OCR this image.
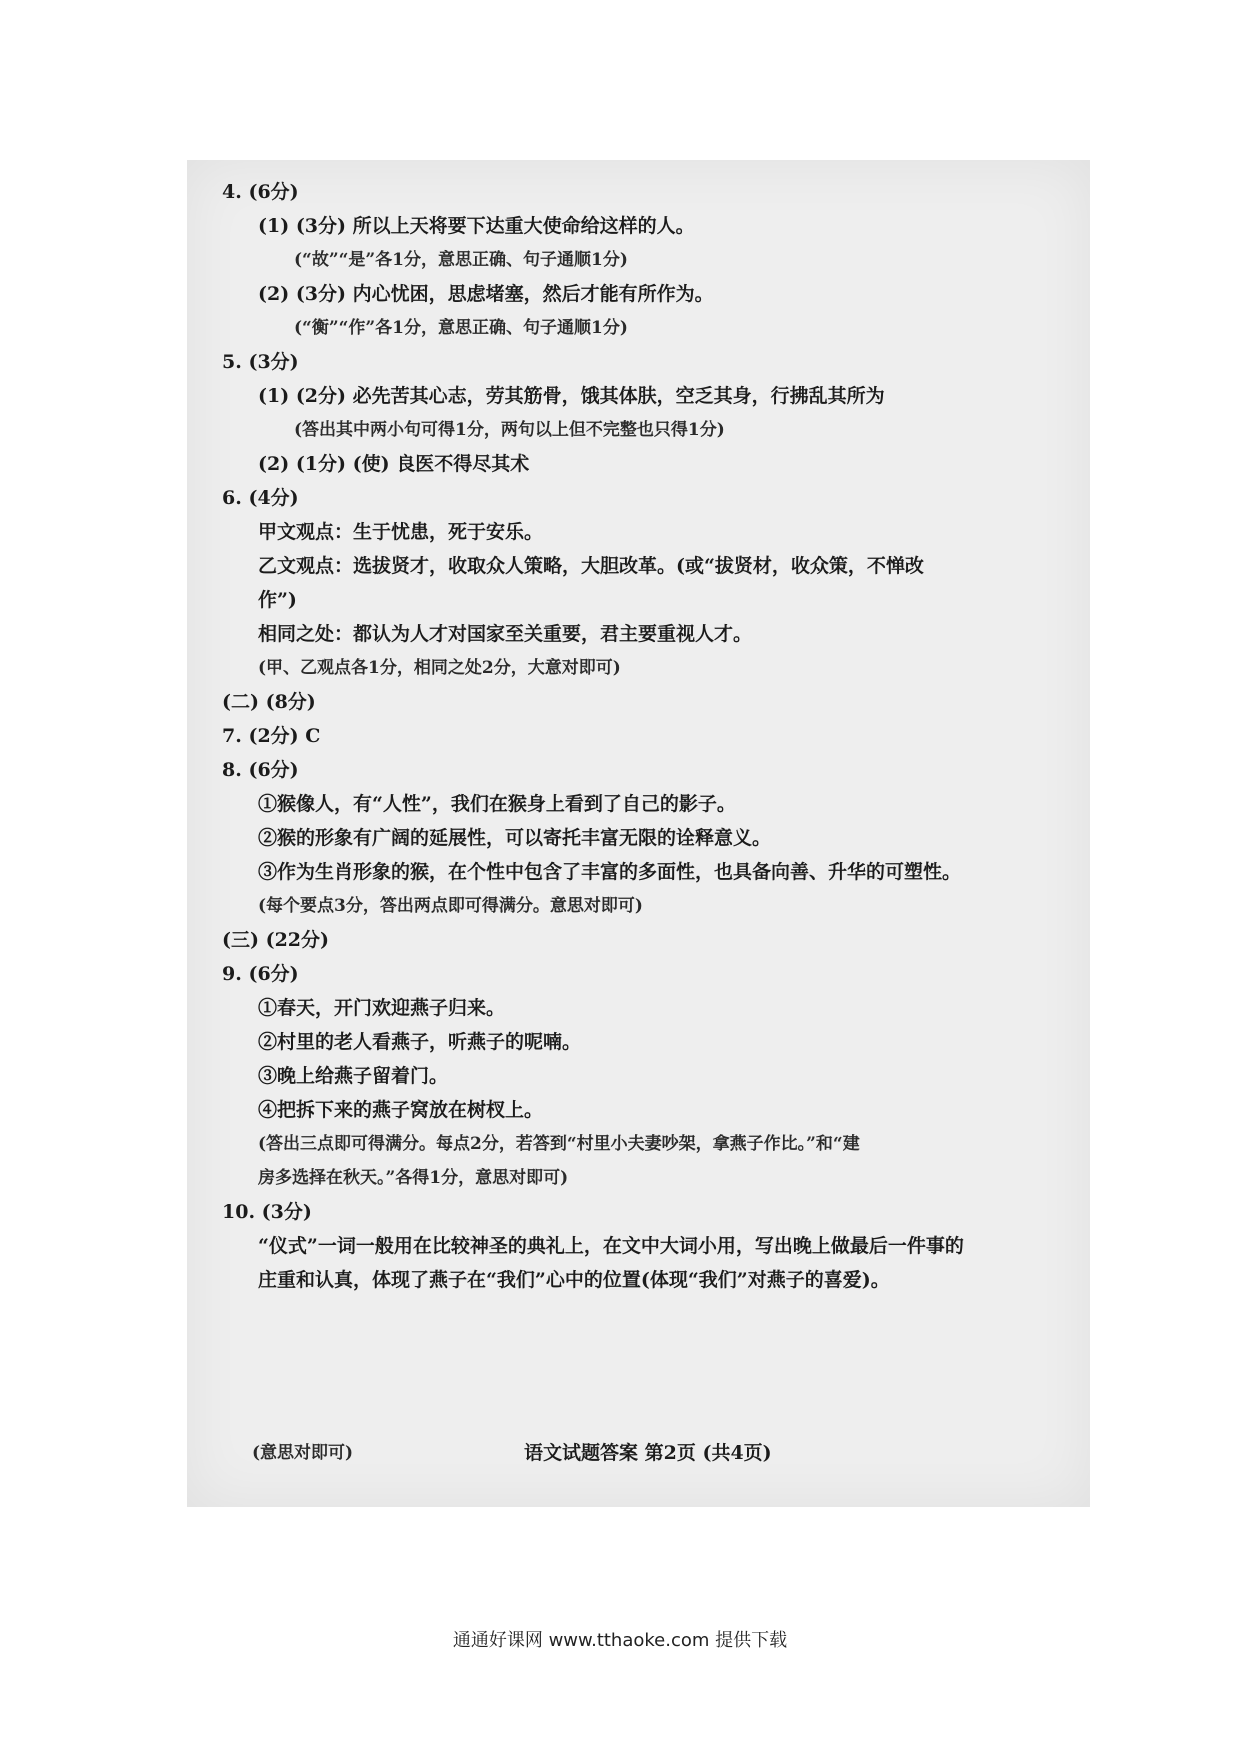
4. (6分)
(1) (3分) 所以上天将要下达重大使命给这样的人。
(“故”“是”各1分，意思正确、句子通顺1分)
(2) (3分) 内心忧困，思虑堵塞，然后才能有所作为。
(“衡”“作”各1分，意思正确、句子通顺1分)
5. (3分)
(1) (2分) 必先苦其心志，劳其筋骨，饿其体肤，空乏其身，行拂乱其所为
(答出其中两小句可得1分，两句以上但不完整也只得1分)
(2) (1分) (使) 良医不得尽其术
6. (4分)
甲文观点：生于忧患，死于安乐。
乙文观点：选拔贤才，收取众人策略，大胆改革。(或“拔贤材，收众策，不惮改
作”)
相同之处：都认为人才对国家至关重要，君主要重视人才。
(甲、乙观点各1分，相同之处2分，大意对即可)
(二) (8分)
7. (2分) C
8. (6分)
①猴像人，有“人性”，我们在猴身上看到了自己的影子。
②猴的形象有广阔的延展性，可以寄托丰富无限的诠释意义。
③作为生肖形象的猴，在个性中包含了丰富的多面性，也具备向善、升华的可塑性。
(每个要点3分，答出两点即可得满分。意思对即可)
(三) (22分)
9. (6分)
①春天，开门欢迎燕子归来。
②村里的老人看燕子，听燕子的呢喃。
③晚上给燕子留着门。
④把拆下来的燕子窝放在树杈上。
(答出三点即可得满分。每点2分，若答到“村里小夫妻吵架，拿燕子作比。”和“建
房多选择在秋天。”各得1分，意思对即可)
10. (3分)
“仪式”一词一般用在比较神圣的典礼上，在文中大词小用，写出晚上做最后一件事的
庄重和认真，体现了燕子在“我们”心中的位置(体现“我们”对燕子的喜爱)。
(意思对即可)	语文试题答案 第2页 (共4页)
通通好课网 www.tthaoke.com 提供下载
